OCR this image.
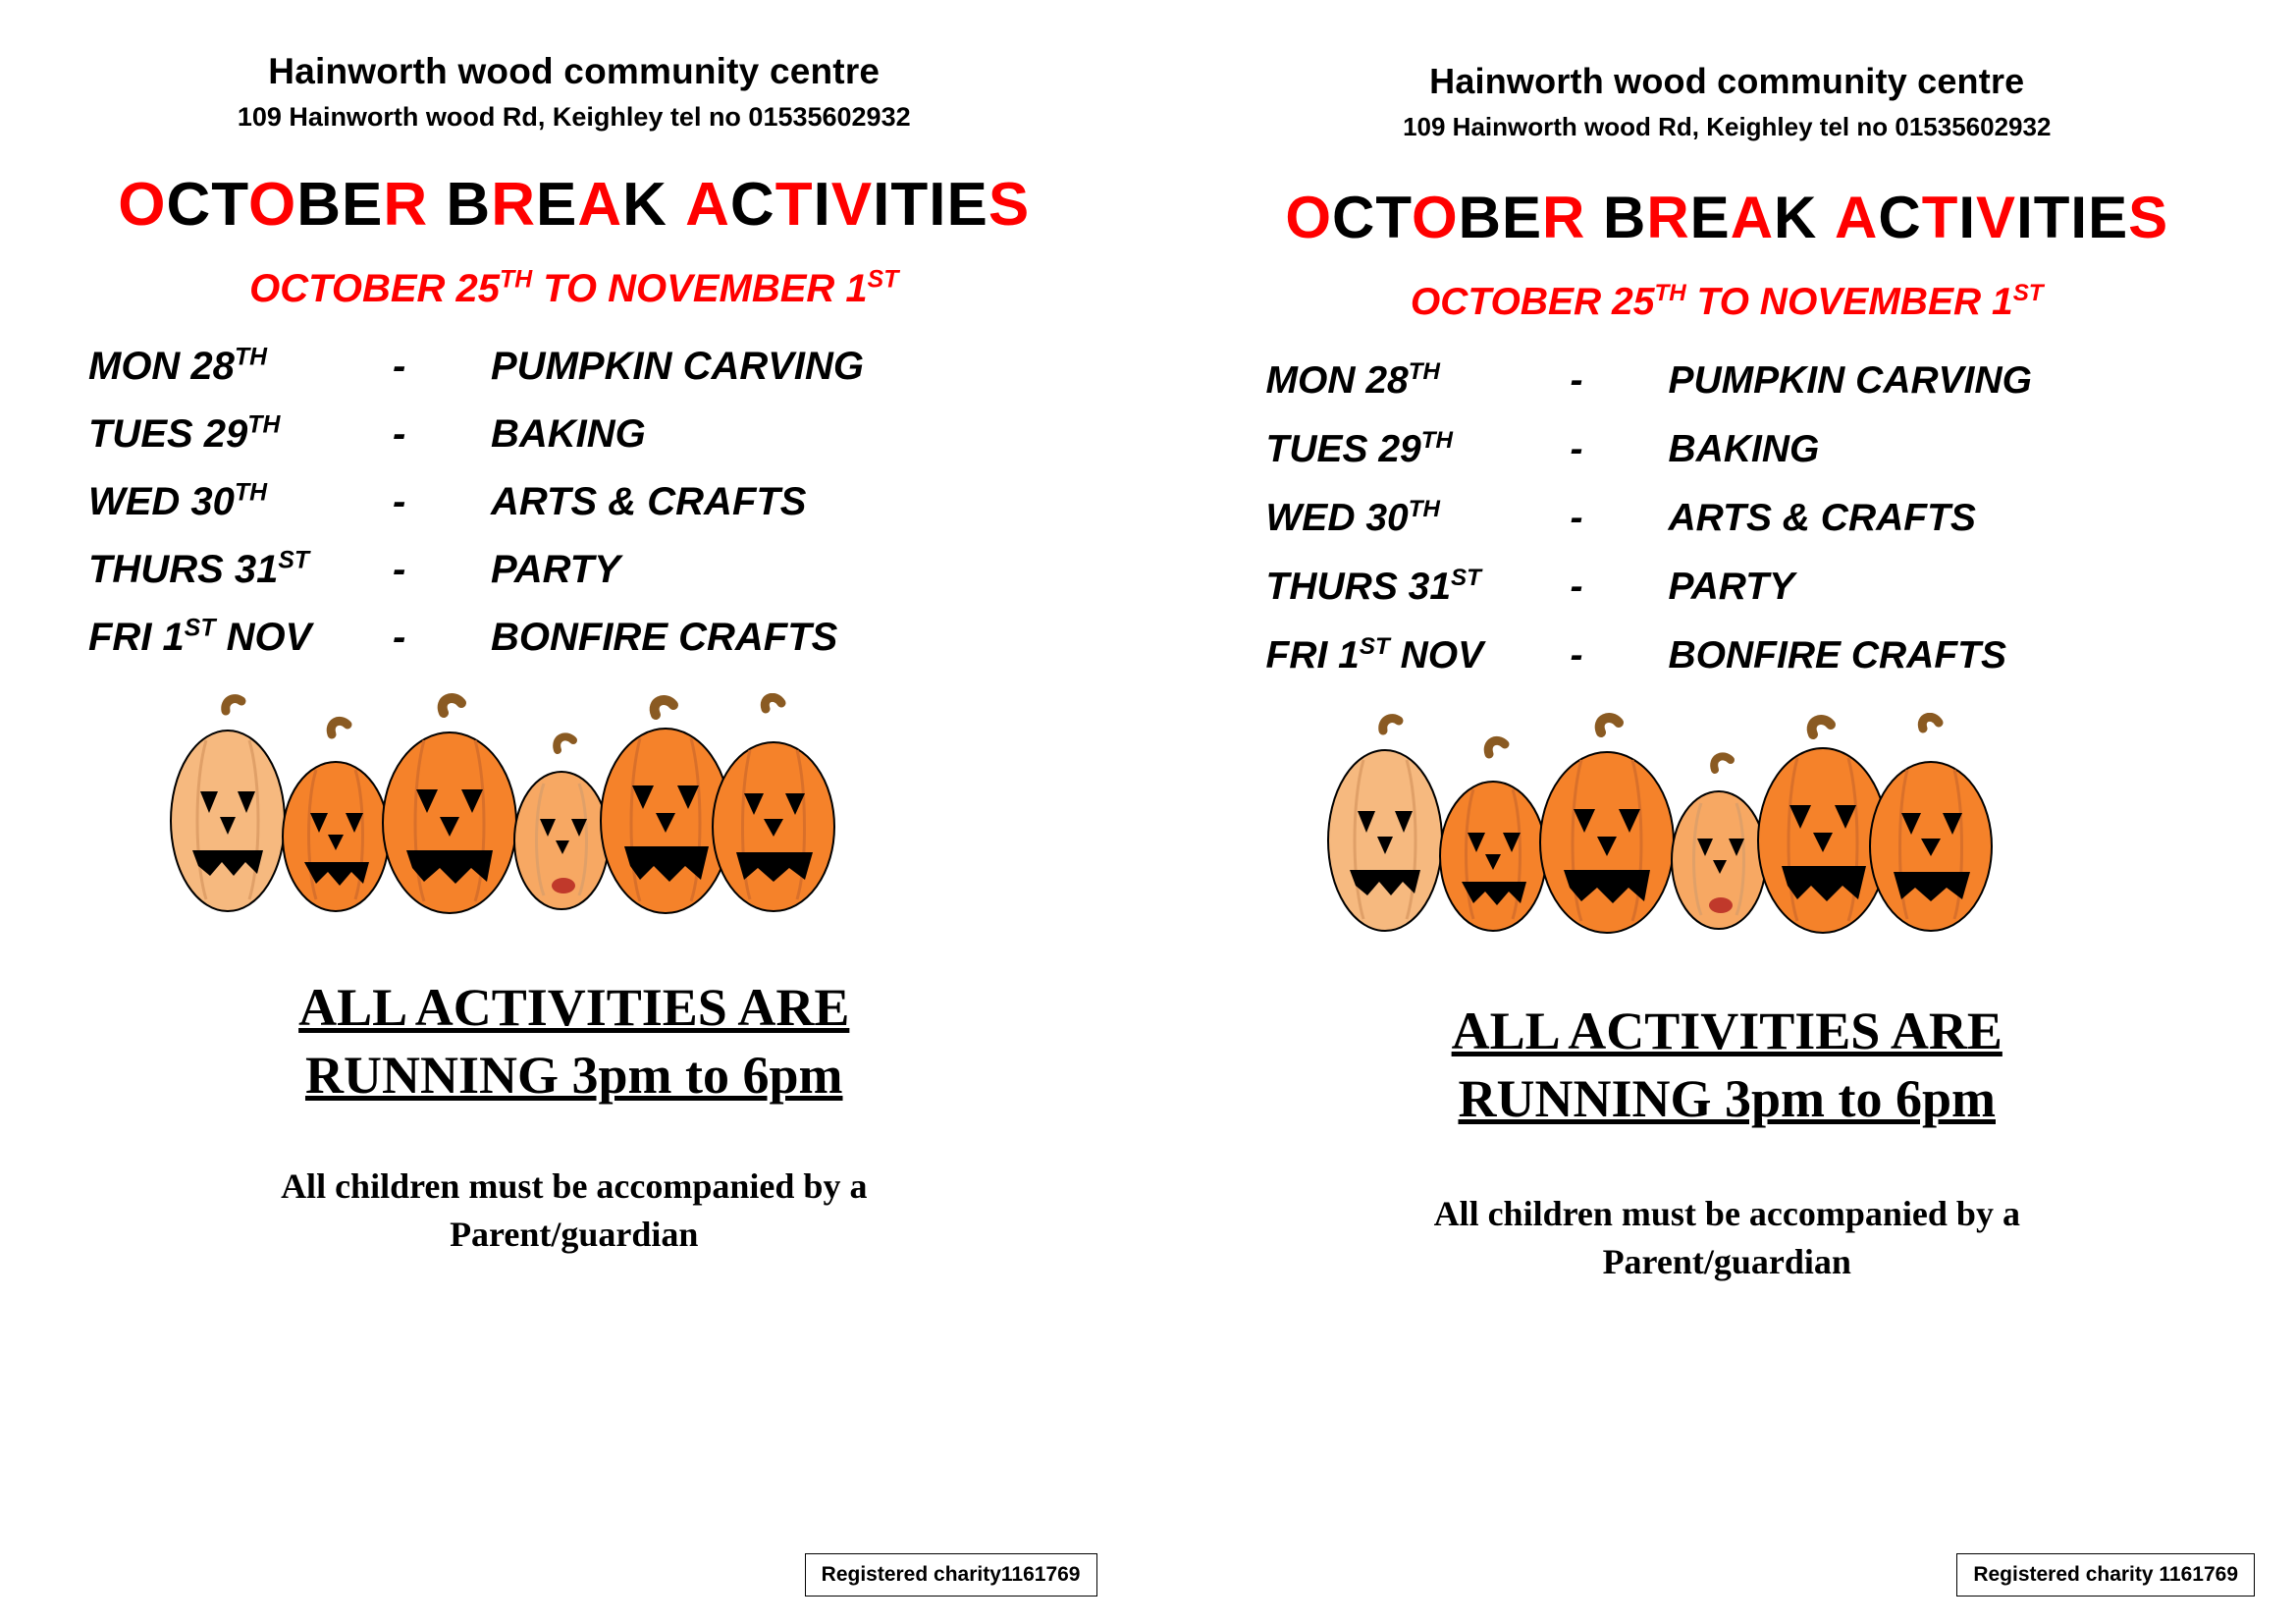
Hainworth wood community centre
109 Hainworth wood Rd, Keighley tel no 01535602932
OCTOBER BREAK ACTIVITIES
OCTOBER 25TH TO NOVEMBER 1ST
MON 28TH	-	PUMPKIN CARVING
TUES 29TH	-	BAKING
WED 30TH	-	ARTS & CRAFTS
THURS 31ST	-	PARTY
FRI 1ST NOV	-	BONFIRE CRAFTS
ALL ACTIVITIES ARE
RUNNING 3pm to 6pm
All children must be accompanied by a
Parent/guardian
Registered charity1161769
Hainworth wood community centre
109 Hainworth wood Rd, Keighley tel no 01535602932
OCTOBER BREAK ACTIVITIES
OCTOBER 25TH TO NOVEMBER 1ST
MON 28TH	-	PUMPKIN CARVING
TUES 29TH	-	BAKING
WED 30TH	-	ARTS & CRAFTS
THURS 31ST	-	PARTY
FRI 1ST NOV	-	BONFIRE CRAFTS
ALL ACTIVITIES ARE
RUNNING 3pm to 6pm
All children must be accompanied by a
Parent/guardian
Registered charity 1161769
